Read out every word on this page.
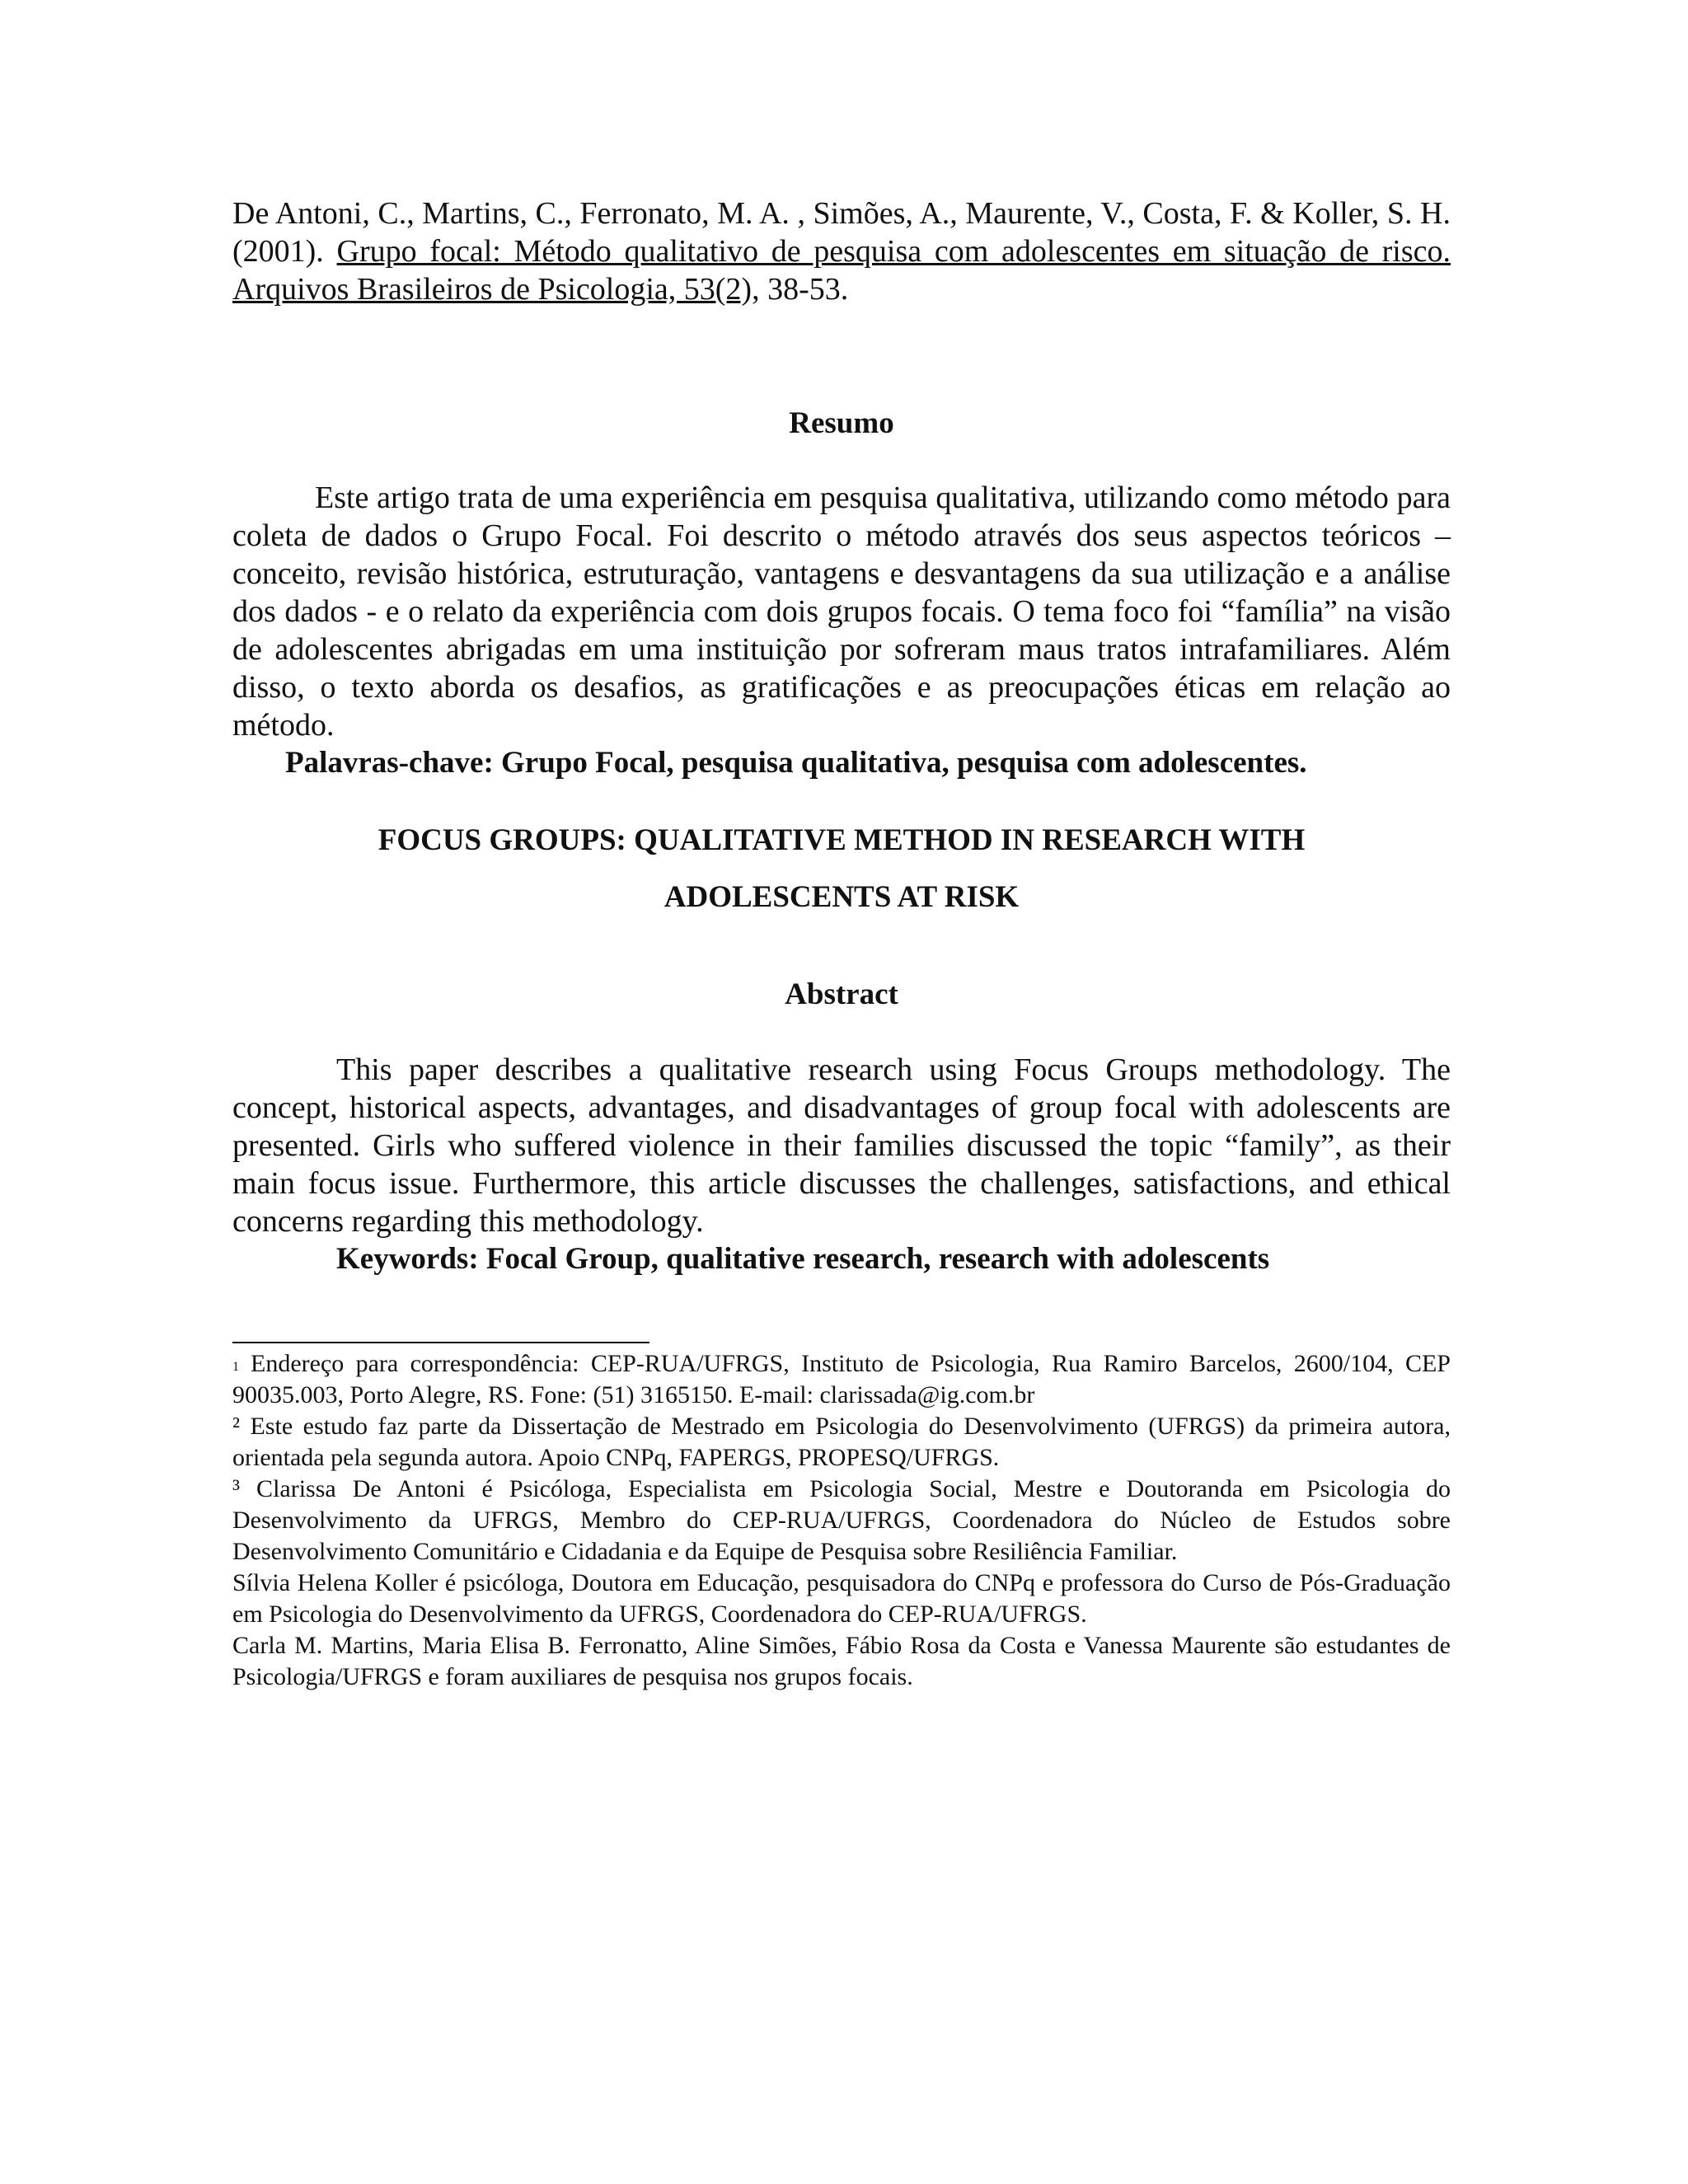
De Antoni, C., Martins, C., Ferronato, M. A. , Simões, A., Maurente, V., Costa, F. & Koller, S. H. (2001). Grupo focal: Método qualitativo de pesquisa com adolescentes em situação de risco. Arquivos Brasileiros de Psicologia, 53(2), 38-53.
Resumo

Este artigo trata de uma experiência em pesquisa qualitativa, utilizando como método para coleta de dados o Grupo Focal. Foi descrito o método através dos seus aspectos teóricos – conceito, revisão histórica, estruturação, vantagens e desvantagens da sua utilização e a análise dos dados - e o relato da experiência com dois grupos focais. O tema foco foi “família” na visão de adolescentes abrigadas em uma instituição por sofreram maus tratos intrafamiliares. Além disso, o texto aborda os desafios, as gratificações e as preocupações éticas em relação ao método.

Palavras-chave: Grupo Focal, pesquisa qualitativa, pesquisa com adolescentes.

FOCUS GROUPS: QUALITATIVE METHOD IN RESEARCH WITH
ADOLESCENTS AT RISK
Abstract

This paper describes a qualitative research using Focus Groups methodology. The concept, historical aspects, advantages, and disadvantages of group focal with adolescents are presented. Girls who suffered violence in their families discussed the topic “family”, as their main focus issue. Furthermore, this article discusses the challenges, satisfactions, and ethical concerns regarding this methodology.

Keywords: Focal Group, qualitative research, research with adolescents

$^1$ Endereço para correspondência: CEP-RUA/UFRGS, Instituto de Psicologia, Rua Ramiro Barcelos, 2600/104, CEP 90035.003, Porto Alegre, RS. Fone: (51) 3165150. E-mail: clarissada@ig.com.br

² Este estudo faz parte da Dissertação de Mestrado em Psicologia do Desenvolvimento (UFRGS) da primeira autora, orientada pela segunda autora. Apoio CNPq, FAPERGS, PROPESQ/UFRGS.

³ Clarissa De Antoni é Psicóloga, Especialista em Psicologia Social, Mestre e Doutoranda em Psicologia do Desenvolvimento da UFRGS, Membro do CEP-RUA/UFRGS, Coordenadora do Núcleo de Estudos sobre Desenvolvimento Comunitário e Cidadania e da Equipe de Pesquisa sobre Resiliência Familiar.

Sílvia Helena Koller é psicóloga, Doutora em Educação, pesquisadora do CNPq e professora do Curso de Pós-Graduação em Psicologia do Desenvolvimento da UFRGS, Coordenadora do CEP-RUA/UFRGS.

Carla M. Martins, Maria Elisa B. Ferronatto, Aline Simões, Fábio Rosa da Costa e Vanessa Maurente são estudantes de Psicologia/UFRGS e foram auxiliares de pesquisa nos grupos focais.
